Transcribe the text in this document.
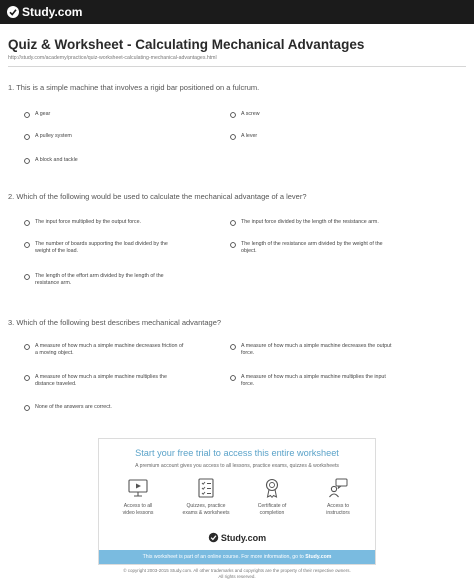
Study.com
Quiz & Worksheet - Calculating Mechanical Advantages
http://study.com/academy/practice/quiz-worksheet-calculating-mechanical-advantages.html
1. This is a simple machine that involves a rigid bar positioned on a fulcrum.
A gear	A screw

A pulley system	A lever

A block and tackle

2. Which of the following would be used to calculate the mechanical advantage of a lever?
The input force multiplied by the output force.	The input force divided by the length of the resistance arm.

The number of boards supporting the load divided by the
weight of the load.
The length of the resistance arm divided by the weight of the
object.
The length of the effort arm divided by the length of the
resistance arm.
3. Which of the following best describes mechanical advantage?
A measure of how much a simple machine decreases friction of
a moving object.
A measure of how much a simple machine decreases the output
force.
A measure of how much a simple machine multiplies the
distance traveled.
A measure of how much a simple machine multiplies the input
force.
None of the answers are correct.

Start your free trial to access this entire worksheet
A premium account gives you access to all lessons, practice exams, quizzes & worksheets
Access to all
video lessons
Quizzes, practice
exams & worksheets
Certificate of
completion
Access to
instructors
Study.com
This worksheet is part of an online course. For more information, go to Study.com
© copyright 2003-2015 Study.com. All other trademarks and copyrights are the property of their respective owners.
All rights reserved.
